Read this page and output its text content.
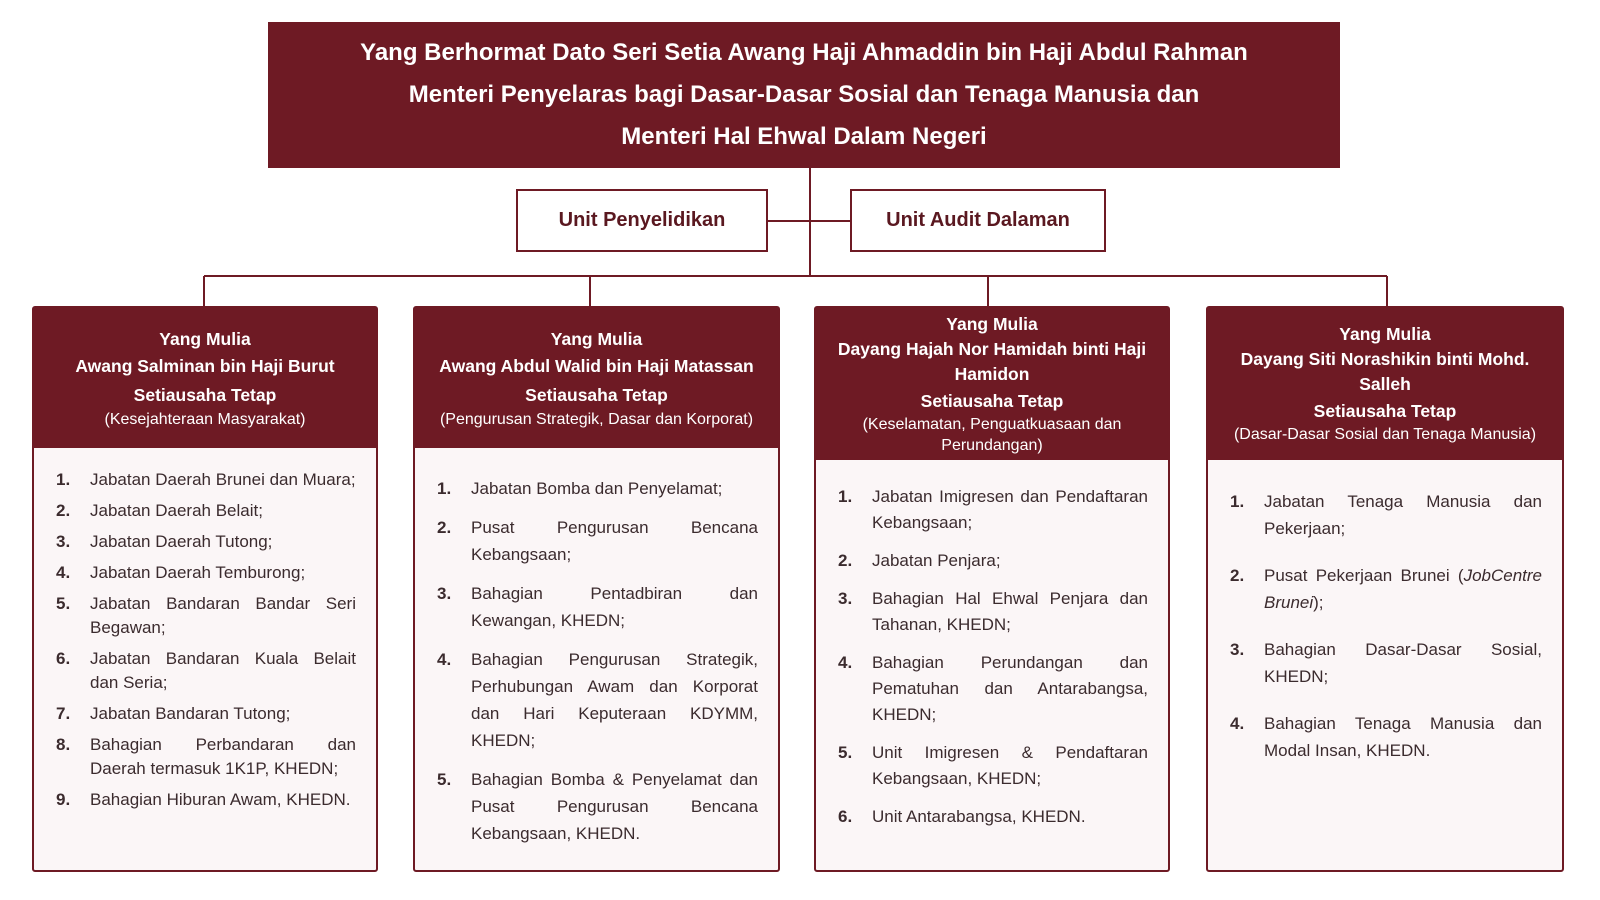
Yang Berhormat Dato Seri Setia Awang Haji Ahmaddin bin Haji Abdul Rahman
Menteri Penyelaras bagi Dasar-Dasar Sosial dan Tenaga Manusia dan
Menteri Hal Ehwal Dalam Negeri
Unit Penyelidikan	Unit Audit Dalaman
Yang Mulia
Awang Salminan bin Haji Burut
Setiausaha Tetap
(Kesejahteraan Masyarakat)
1.	Jabatan Daerah Brunei dan Muara;
2.	Jabatan Daerah Belait;
3.	Jabatan Daerah Tutong;
4.	Jabatan Daerah Temburong;
5.	Jabatan Bandaran Bandar Seri Begawan;
6.	Jabatan Bandaran Kuala Belait dan Seria;
7.	Jabatan Bandaran Tutong;
8.	Bahagian Perbandaran dan Daerah termasuk 1K1P, KHEDN;
9.	Bahagian Hiburan Awam, KHEDN.
Yang Mulia
Awang Abdul Walid bin Haji Matassan
Setiausaha Tetap
(Pengurusan Strategik, Dasar dan Korporat)
1.	Jabatan Bomba dan Penyelamat;
2.	Pusat Pengurusan Bencana Kebangsaan;
3.	Bahagian Pentadbiran dan Kewangan, KHEDN;
4.	Bahagian Pengurusan Strategik, Perhubungan Awam dan Korporat dan Hari Keputeraan KDYMM, KHEDN;
5.	Bahagian Bomba & Penyelamat dan Pusat Pengurusan Bencana Kebangsaan, KHEDN.
Yang Mulia
Dayang Hajah Nor Hamidah binti Haji Hamidon
Setiausaha Tetap
(Keselamatan, Penguatkuasaan dan Perundangan)
1.	Jabatan Imigresen dan Pendaftaran Kebangsaan;
2.	Jabatan Penjara;
3.	Bahagian Hal Ehwal Penjara dan Tahanan, KHEDN;
4.	Bahagian Perundangan dan Pematuhan dan Antarabangsa, KHEDN;
5.	Unit Imigresen & Pendaftaran Kebangsaan, KHEDN;
6.	Unit Antarabangsa, KHEDN.
Yang Mulia
Dayang Siti Norashikin binti Mohd. Salleh
Setiausaha Tetap
(Dasar-Dasar Sosial dan Tenaga Manusia)
1.	Jabatan Tenaga Manusia dan Pekerjaan;
2.	Pusat Pekerjaan Brunei (JobCentre Brunei);
3.	Bahagian Dasar-Dasar Sosial, KHEDN;
4.	Bahagian Tenaga Manusia dan Modal Insan, KHEDN.
